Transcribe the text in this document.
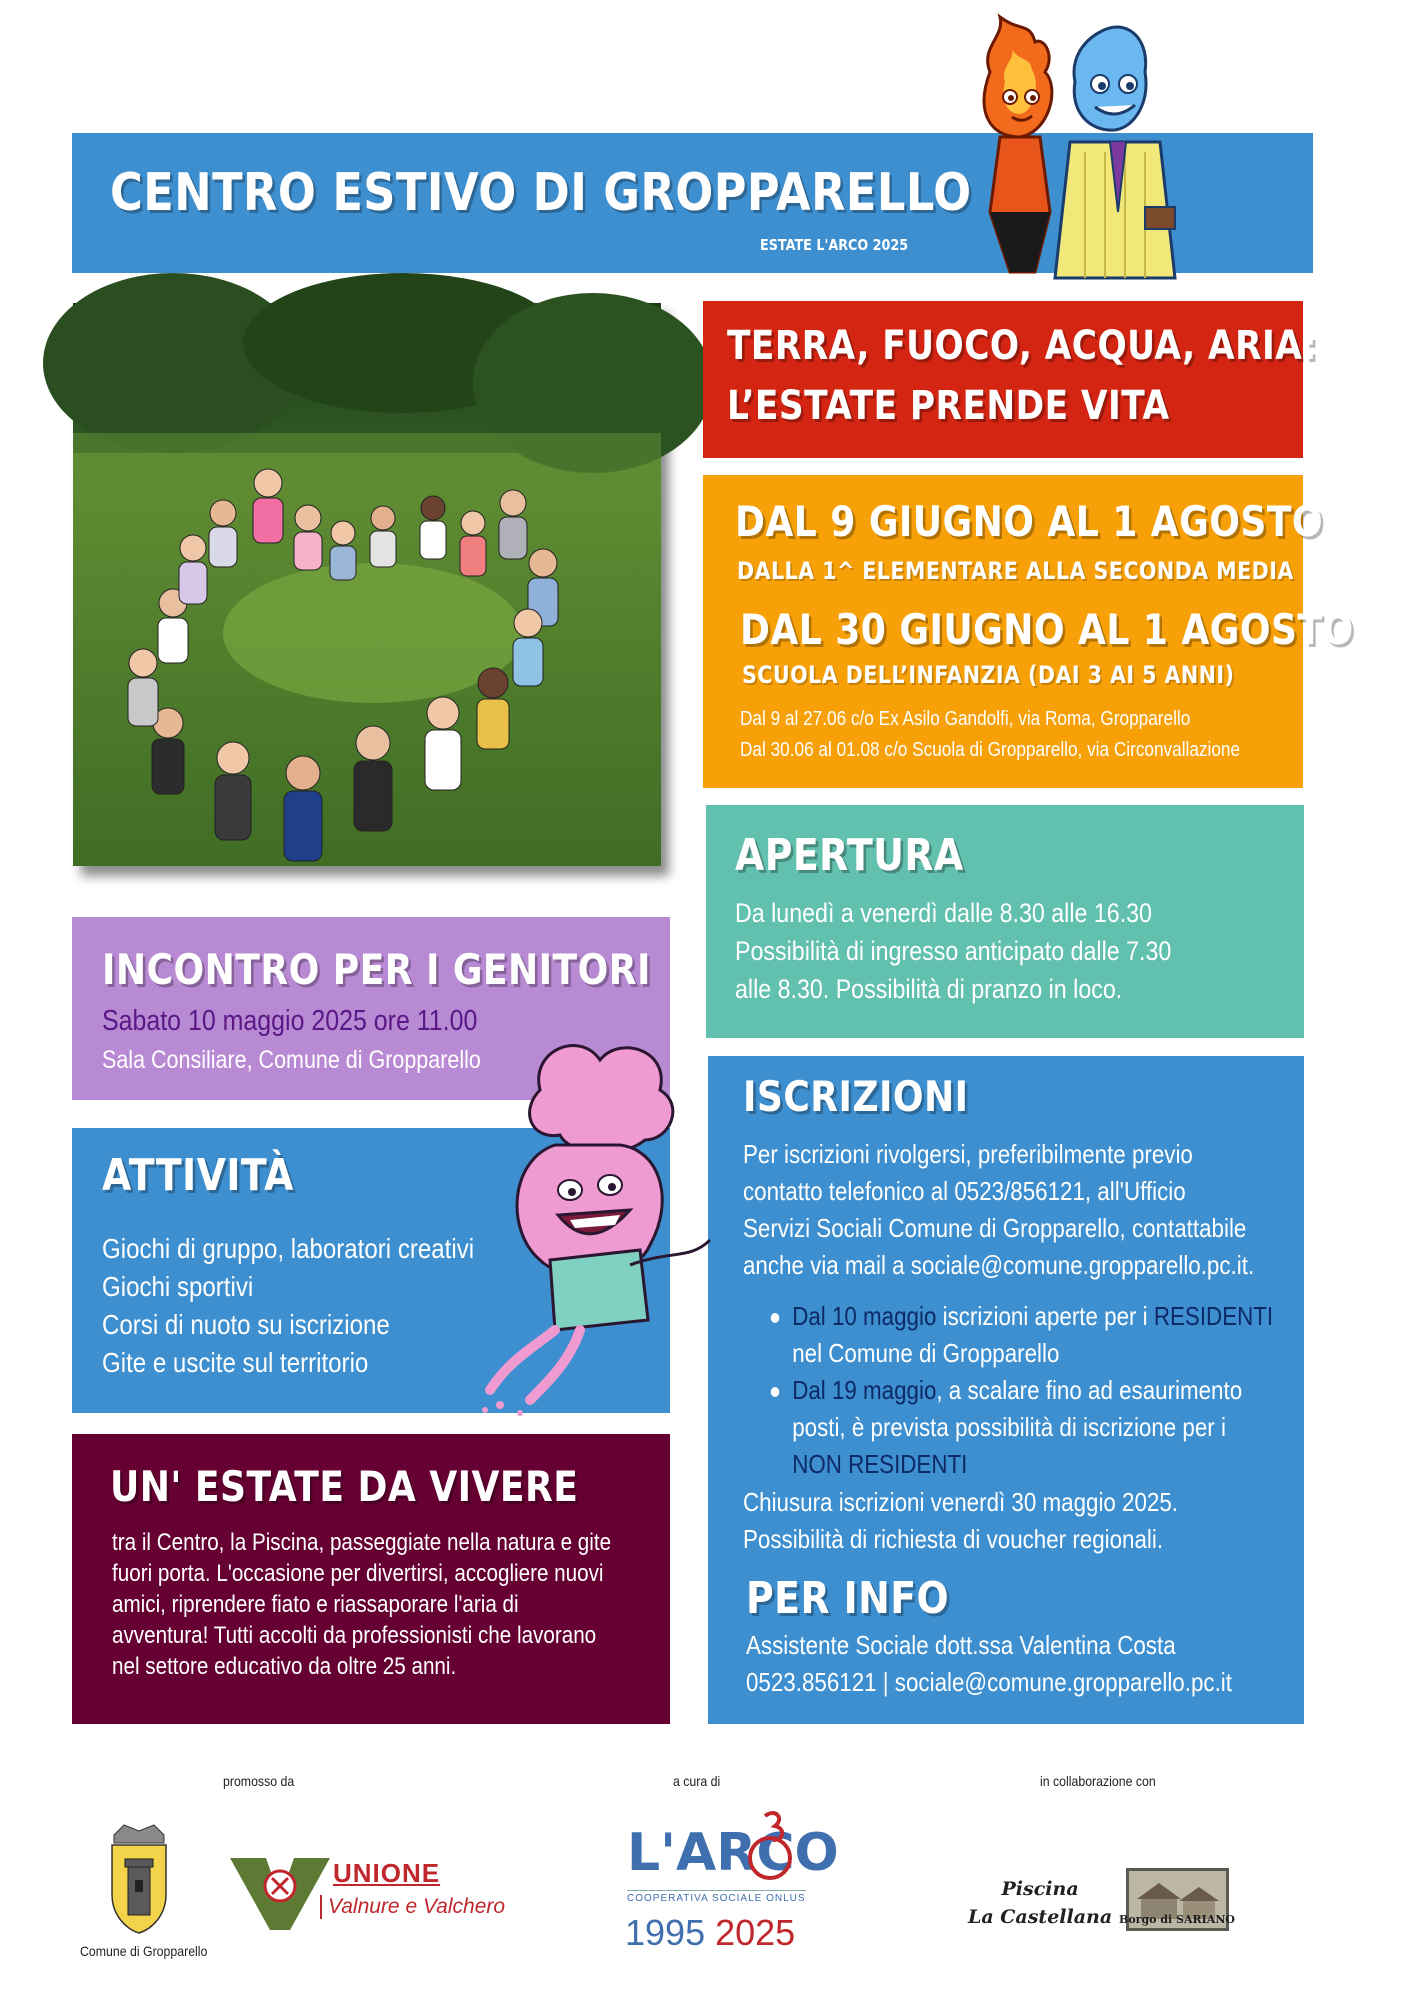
CENTRO ESTIVO DI GROPPARELLO
ESTATE L'ARCO 2025
TERRA, FUOCO, ACQUA, ARIA:
L’ESTATE PRENDE VITA
DAL 9 GIUGNO AL 1 AGOSTO
DALLA 1^ ELEMENTARE ALLA SECONDA MEDIA
DAL 30 GIUGNO AL 1 AGOSTO
SCUOLA DELL’INFANZIA (DAI 3 AI 5 ANNI)
Dal 9 al 27.06 c/o Ex Asilo Gandolfi, via Roma, Gropparello
Dal 30.06 al 01.08 c/o Scuola di Gropparello, via Circonvallazione
APERTURA
Da lunedì a venerdì dalle 8.30 alle 16.30
Possibilità di ingresso anticipato dalle 7.30
alle 8.30. Possibilità di pranzo in loco.
INCONTRO PER I GENITORI
Sabato 10 maggio 2025 ore 11.00
Sala Consiliare, Comune di Gropparello
ATTIVITÀ
Giochi di gruppo, laboratori creativi
Giochi sportivi
Corsi di nuoto su iscrizione
Gite e uscite sul territorio
UN' ESTATE DA VIVERE
tra il Centro, la Piscina, passeggiate nella natura e gite
fuori porta. L'occasione per divertirsi, accogliere nuovi
amici, riprendere fiato e riassaporare l'aria di
avventura! Tutti accolti da professionisti che lavorano
nel settore educativo da oltre 25 anni.
ISCRIZIONI
Per iscrizioni rivolgersi, preferibilmente previo
contatto telefonico al 0523/856121, all'Ufficio
Servizi Sociali Comune di Gropparello, contattabile
anche via mail a sociale@comune.gropparello.pc.it.
Dal 10 maggio iscrizioni aperte per i RESIDENTI
nel Comune di Gropparello
Dal 19 maggio, a scalare fino ad esaurimento
posti, è prevista possibilità di iscrizione per i
NON RESIDENTI
Chiusura iscrizioni venerdì 30 maggio 2025.
Possibilità di richiesta di voucher regionali.
PER INFO
Assistente Sociale dott.ssa Valentina Costa
0523.856121 | sociale@comune.gropparello.pc.it
promosso da	a cura di	in collaborazione con
Comune di Gropparello
UNIONE
Valnure e Valchero
L'ARCO
COOPERATIVA SOCIALE ONLUS
1995 2025
Piscina
La Castellana Borgo di SARIANO
